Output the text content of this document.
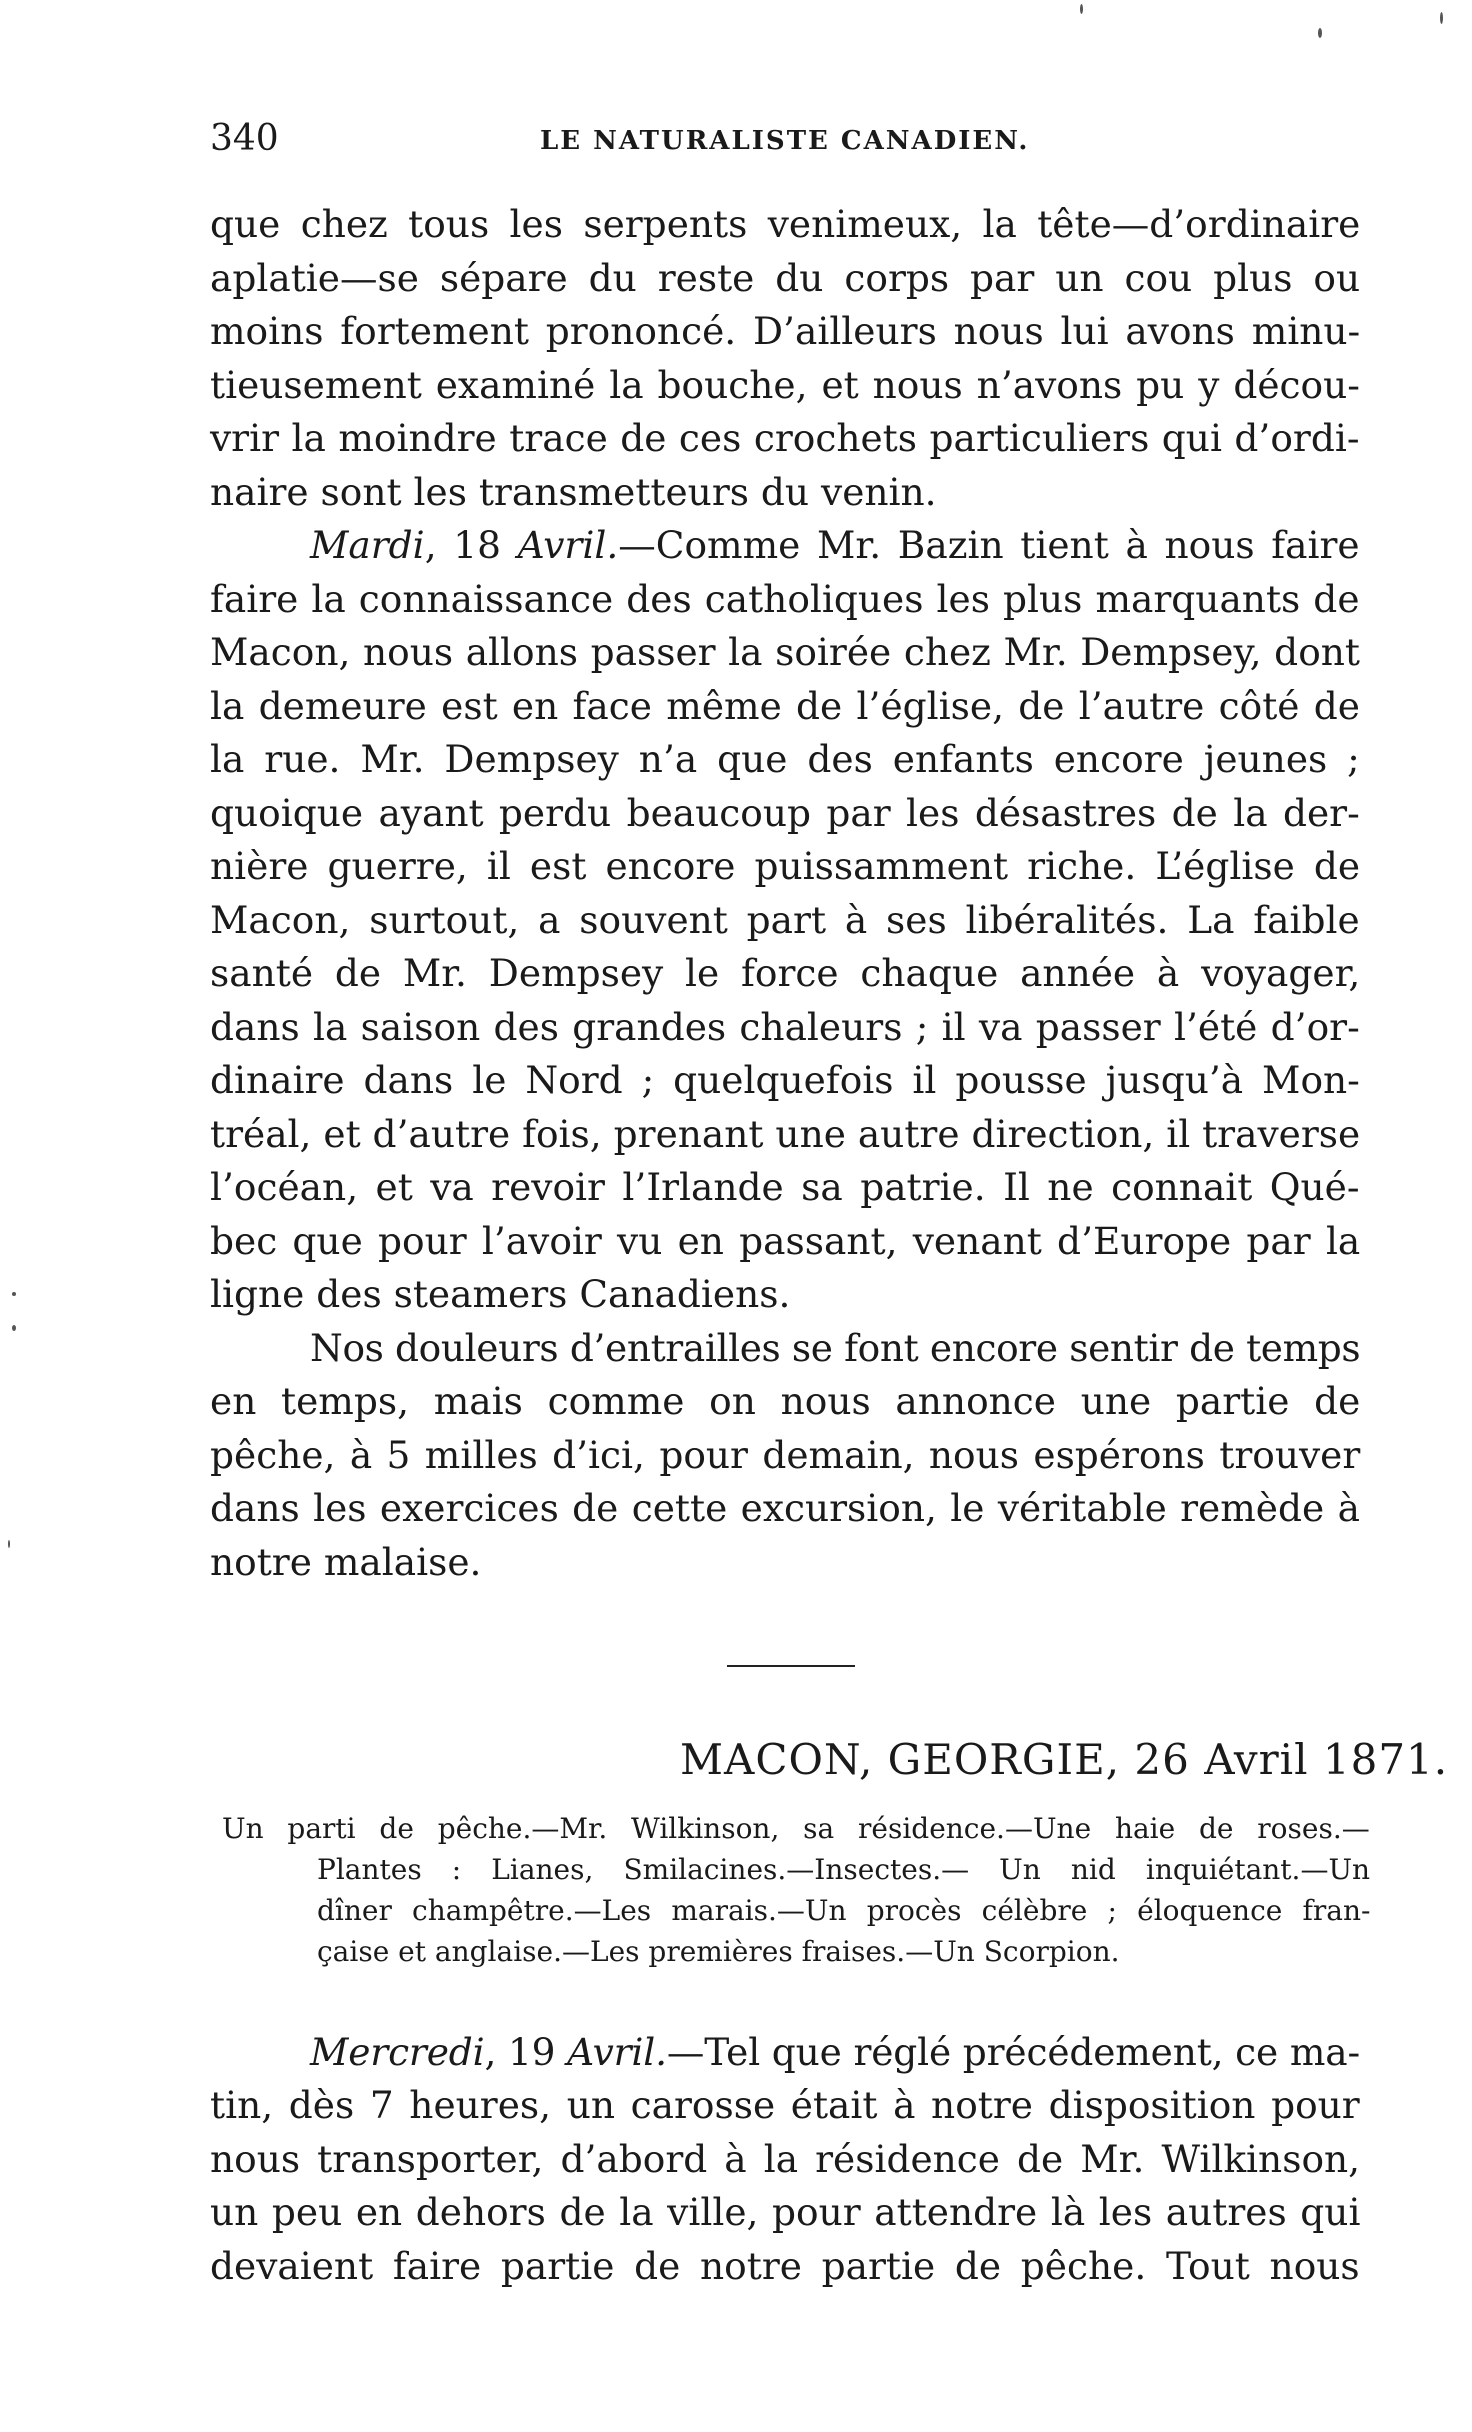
340	LE NATURALISTE CANADIEN.

que chez tous les serpents venimeux, la tête—d’ordinaire
aplatie—se sépare du reste du corps par un cou plus ou
moins fortement prononcé. D’ailleurs nous lui avons minu-
tieusement examiné la bouche, et nous n’avons pu y décou-
vrir la moindre trace de ces crochets particuliers qui d’ordi-
naire sont les transmetteurs du venin.

Mardi, 18 Avril.—Comme Mr. Bazin tient à nous faire
faire la connaissance des catholiques les plus marquants de
Macon, nous allons passer la soirée chez Mr. Dempsey, dont
la demeure est en face même de l’église, de l’autre côté de
la rue. Mr. Dempsey n’a que des enfants encore jeunes ;
quoique ayant perdu beaucoup par les désastres de la der-
nière guerre, il est encore puissamment riche. L’église de
Macon, surtout, a souvent part à ses libéralités. La faible
santé de Mr. Dempsey le force chaque année à voyager,
dans la saison des grandes chaleurs ; il va passer l’été d’or-
dinaire dans le Nord ; quelquefois il pousse jusqu’à Mon-
tréal, et d’autre fois, prenant une autre direction, il traverse
l’océan, et va revoir l’Irlande sa patrie. Il ne connait Qué-
bec que pour l’avoir vu en passant, venant d’Europe par la
ligne des steamers Canadiens.

Nos douleurs d’entrailles se font encore sentir de temps
en temps, mais comme on nous annonce une partie de
pêche, à 5 milles d’ici, pour demain, nous espérons trouver
dans les exercices de cette excursion, le véritable remède à
notre malaise.

MACON, GEORGIE, 26 Avril 1871.
Un parti de pêche.—Mr. Wilkinson, sa résidence.—Une haie de roses.—
Plantes : Lianes, Smilacines.—Insectes.— Un nid inquiétant.—Un
dîner champêtre.—Les marais.—Un procès célèbre ; éloquence fran-
çaise et anglaise.—Les premières fraises.—Un Scorpion.

Mercredi, 19 Avril.—Tel que réglé précédement, ce ma-
tin, dès 7 heures, un carosse était à notre disposition pour
nous transporter, d’abord à la résidence de Mr. Wilkinson,
un peu en dehors de la ville, pour attendre là les autres qui
devaient faire partie de notre partie de pêche. Tout nous
